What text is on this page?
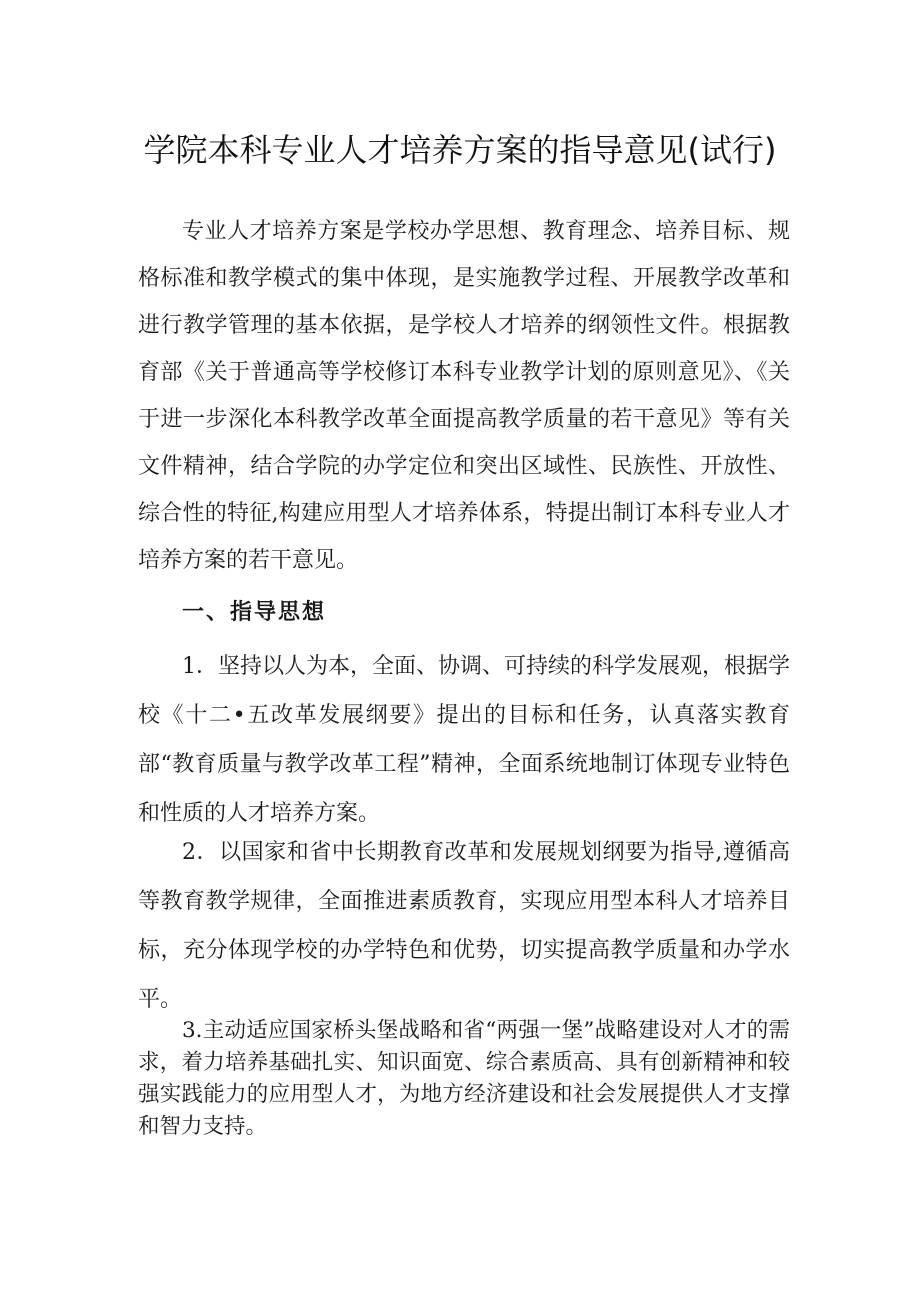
学院本科专业人才培养方案的指导意见(试行)

专业人才培养方案是学校办学思想、教育理念、培养目标、规格标准和教学模式的集中体现，是实施教学过程、开展教学改革和进行教学管理的基本依据，是学校人才培养的纲领性文件。根据教育部《关于普通高等学校修订本科专业教学计划的原则意见》、《关于进一步深化本科教学改革全面提高教学质量的若干意见》等有关文件精神，结合学院的办学定位和突出区域性、民族性、开放性、综合性的特征,构建应用型人才培养体系，特提出制订本科专业人才培养方案的若干意见。

一、指导思想

1．坚持以人为本，全面、协调、可持续的科学发展观，根据学校《十二•五改革发展纲要》提出的目标和任务，认真落实教育部“教育质量与教学改革工程”精神，全面系统地制订体现专业特色和性质的人才培养方案。

2．以国家和省中长期教育改革和发展规划纲要为指导,遵循高等教育教学规律，全面推进素质教育，实现应用型本科人才培养目标，充分体现学校的办学特色和优势，切实提高教学质量和办学水平。

3.主动适应国家桥头堡战略和省“两强一堡”战略建设对人才的需求，着力培养基础扎实、知识面宽、综合素质高、具有创新精神和较强实践能力的应用型人才，为地方经济建设和社会发展提供人才支撑和智力支持。
